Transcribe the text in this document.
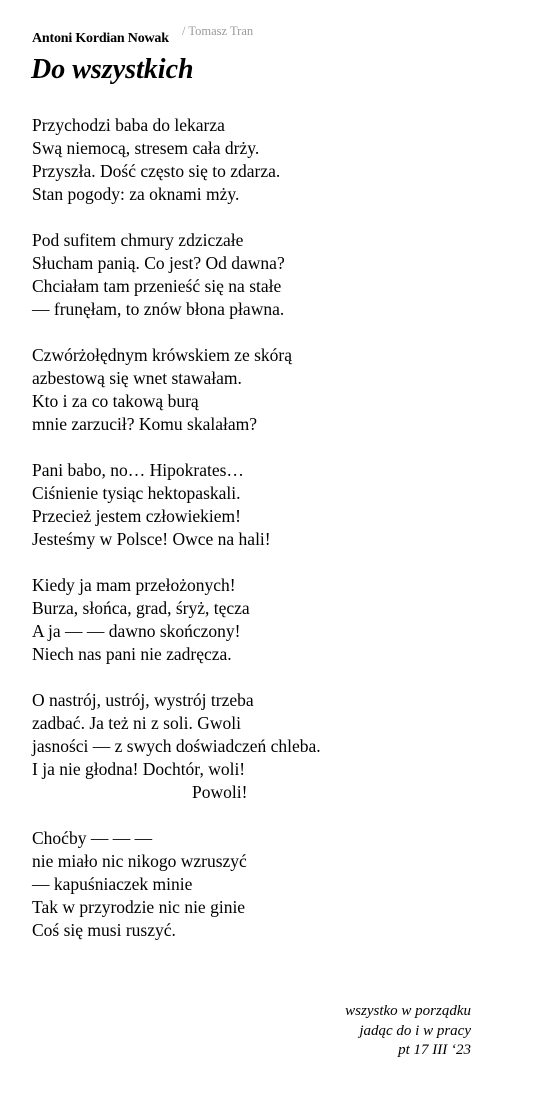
Antoni Kordian Nowak / Tomasz Tran
Do wszystkich
Przychodzi baba do lekarza
Swą niemocą, stresem cała drży.
Przyszła. Dość często się to zdarza.
Stan pogody: za oknami mży.
Pod sufitem chmury zdziczałe
Słucham panią. Co jest? Od dawna?
Chciałam tam przenieść się na stałe
— frunęłam, to znów błona pławna.
Czwórżołędnym krówskiem ze skórą
azbestową się wnet stawałam.
Kto i za co takową burą
mnie zarzucił? Komu skalałam?
Pani babo, no… Hipokrates…
Ciśnienie tysiąc hektopaskali.
Przecież jestem człowiekiem!
Jesteśmy w Polsce! Owce na hali!
Kiedy ja mam przełożonych!
Burza, słońca, grad, śryż, tęcza
A ja — — dawno skończony!
Niech nas pani nie zadręcza.
O nastrój, ustrój, wystrój trzeba
zadbać. Ja też ni z soli. Gwoli
jasności — z swych doświadczeń chleba.
I ja nie głodna! Dochtór, woli!
Powoli!
Choćby — — —
nie miało nic nikogo wzruszyć
— kapuśniaczek minie
Tak w przyrodzie nic nie ginie
Coś się musi ruszyć.
wszystko w porządku
jadąc do i w pracy
pt 17 III ‘23
